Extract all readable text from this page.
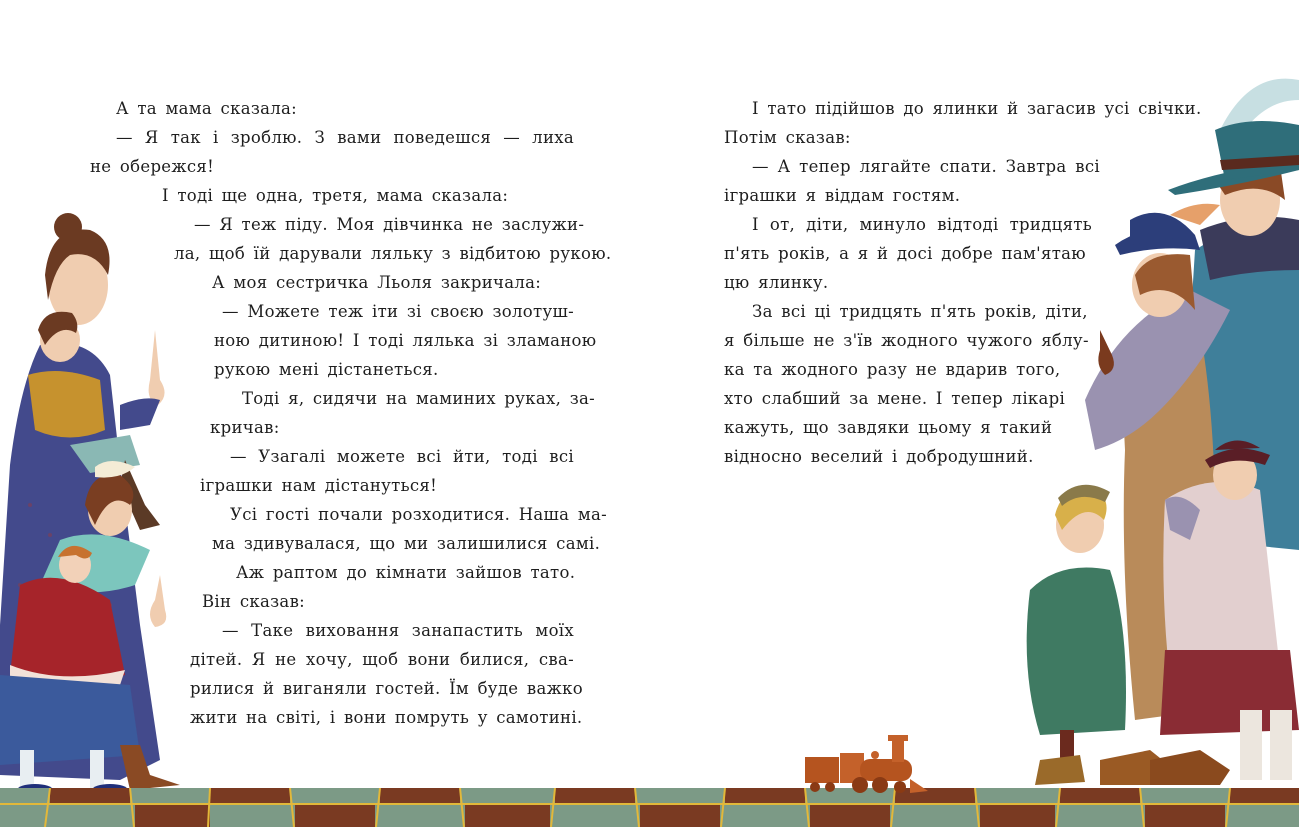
А та мама сказала:
— Я так і зроблю. З вами поведешся — лиха
не обережся!
І тоді ще одна, третя, мама сказала:
— Я теж піду. Моя дівчинка не заслужи-
ла, щоб їй дарували ляльку з відбитою рукою.
А моя сестричка Льоля закричала:
— Можете теж іти зі своєю золотуш-
ною дитиною! І тоді лялька зі зламаною
рукою мені дістанеться.
Тоді я, сидячи на маминих руках, за-
кричав:
— Узагалі можете всі йти, тоді всі
іграшки нам дістануться!
Усі гості почали розходитися. Наша ма-
ма здивувалася, що ми залишилися самі.
Аж раптом до кімнати зайшов тато.
Він сказав:
— Таке виховання занапастить моїх
дітей. Я не хочу, щоб вони билися, сва-
рилися й виганяли гостей. Їм буде важко
жити на світі, і вони помруть у самотині.
І тато підійшов до ялинки й загасив усі свічки.
Потім сказав:
— А тепер лягайте спати. Завтра всі
іграшки я віддам гостям.
І от, діти, минуло відтоді тридцять
п'ять років, а я й досі добре пам'ятаю
цю ялинку.
За всі ці тридцять п'ять років, діти,
я більше не з'їв жодного чужого яблу-
ка та жодного разу не вдарив того,
хто слабший за мене. І тепер лікарі
кажуть, що завдяки цьому я такий
відносно веселий і добродушний.
